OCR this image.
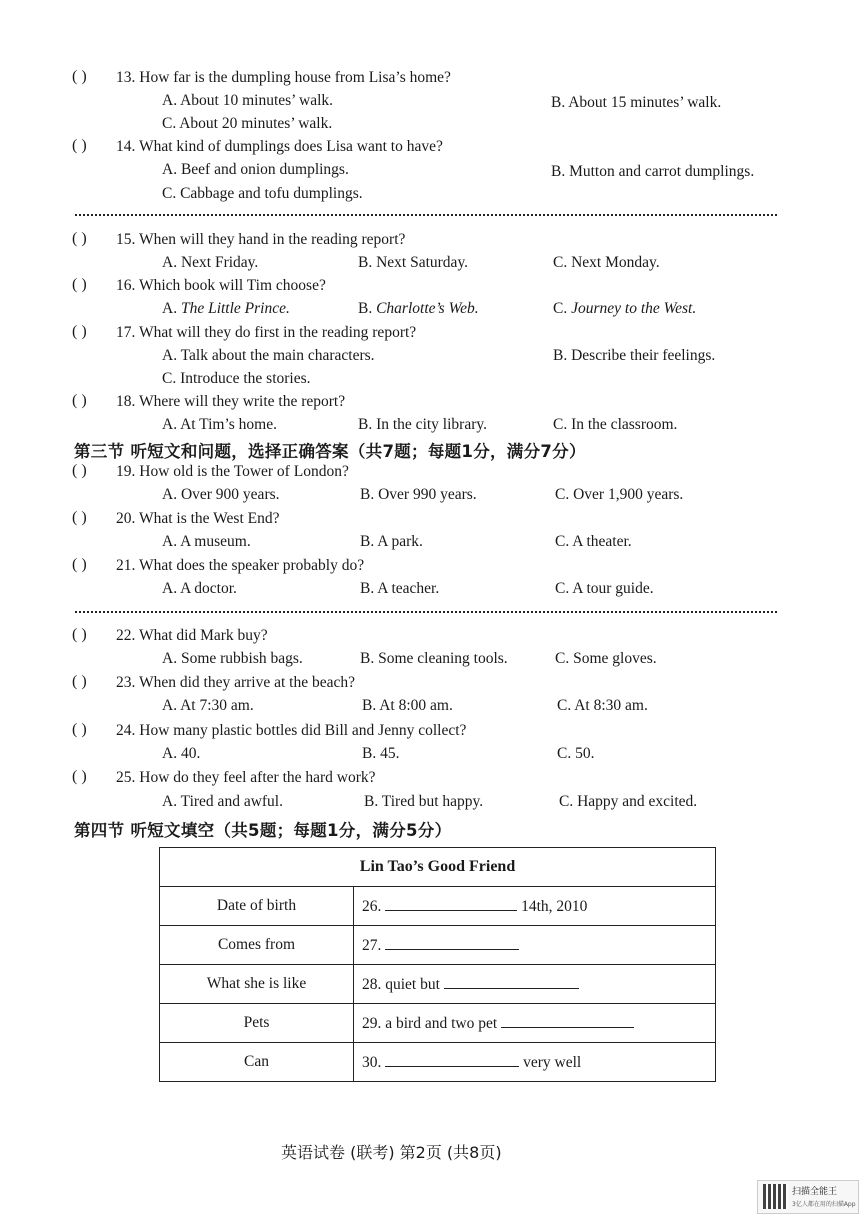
( ) 13. How far is the dumpling house from Lisa’s home?
A. About 10 minutes’ walk.	B. About 15 minutes’ walk.
C. About 20 minutes’ walk.
( ) 14. What kind of dumplings does Lisa want to have?
A. Beef and onion dumplings.	B. Mutton and carrot dumplings.
C. Cabbage and tofu dumplings.
( ) 15. When will they hand in the reading report?
A. Next Friday.	B. Next Saturday.	C. Next Monday.
( ) 16. Which book will Tim choose?
A. The Little Prince.	B. Charlotte’s Web.	C. Journey to the West.
( ) 17. What will they do first in the reading report?
A. Talk about the main characters.	B. Describe their feelings.
C. Introduce the stories.
( ) 18. Where will they write the report?
A. At Tim’s home.	B. In the city library.	C. In the classroom.
第三节 听短文和问题，选择正确答案（共7题；每题1分，满分7分）
( ) 19. How old is the Tower of London?
A. Over 900 years.	B. Over 990 years.	C. Over 1,900 years.
( ) 20. What is the West End?
A. A museum.	B. A park.	C. A theater.
( ) 21. What does the speaker probably do?
A. A doctor.	B. A teacher.	C. A tour guide.
( ) 22. What did Mark buy?
A. Some rubbish bags.	B. Some cleaning tools.	C. Some gloves.
( ) 23. When did they arrive at the beach?
A. At 7:30 am.	B. At 8:00 am.	C. At 8:30 am.
( ) 24. How many plastic bottles did Bill and Jenny collect?
A. 40.	B. 45.	C. 50.
( ) 25. How do they feel after the hard work?
A. Tired and awful.	B. Tired but happy.	C. Happy and excited.
第四节 听短文填空（共5题；每题1分，满分5分）
Lin Tao’s Good Friend	
Date of birth	26. 14th, 2010
Comes from	27.
What she is like	28. quiet but
Pets	29. a bird and two pet
Can	30. very well
英语试卷 (联考) 第2页 (共8页)
扫描全能王
3亿人都在用的扫描App
